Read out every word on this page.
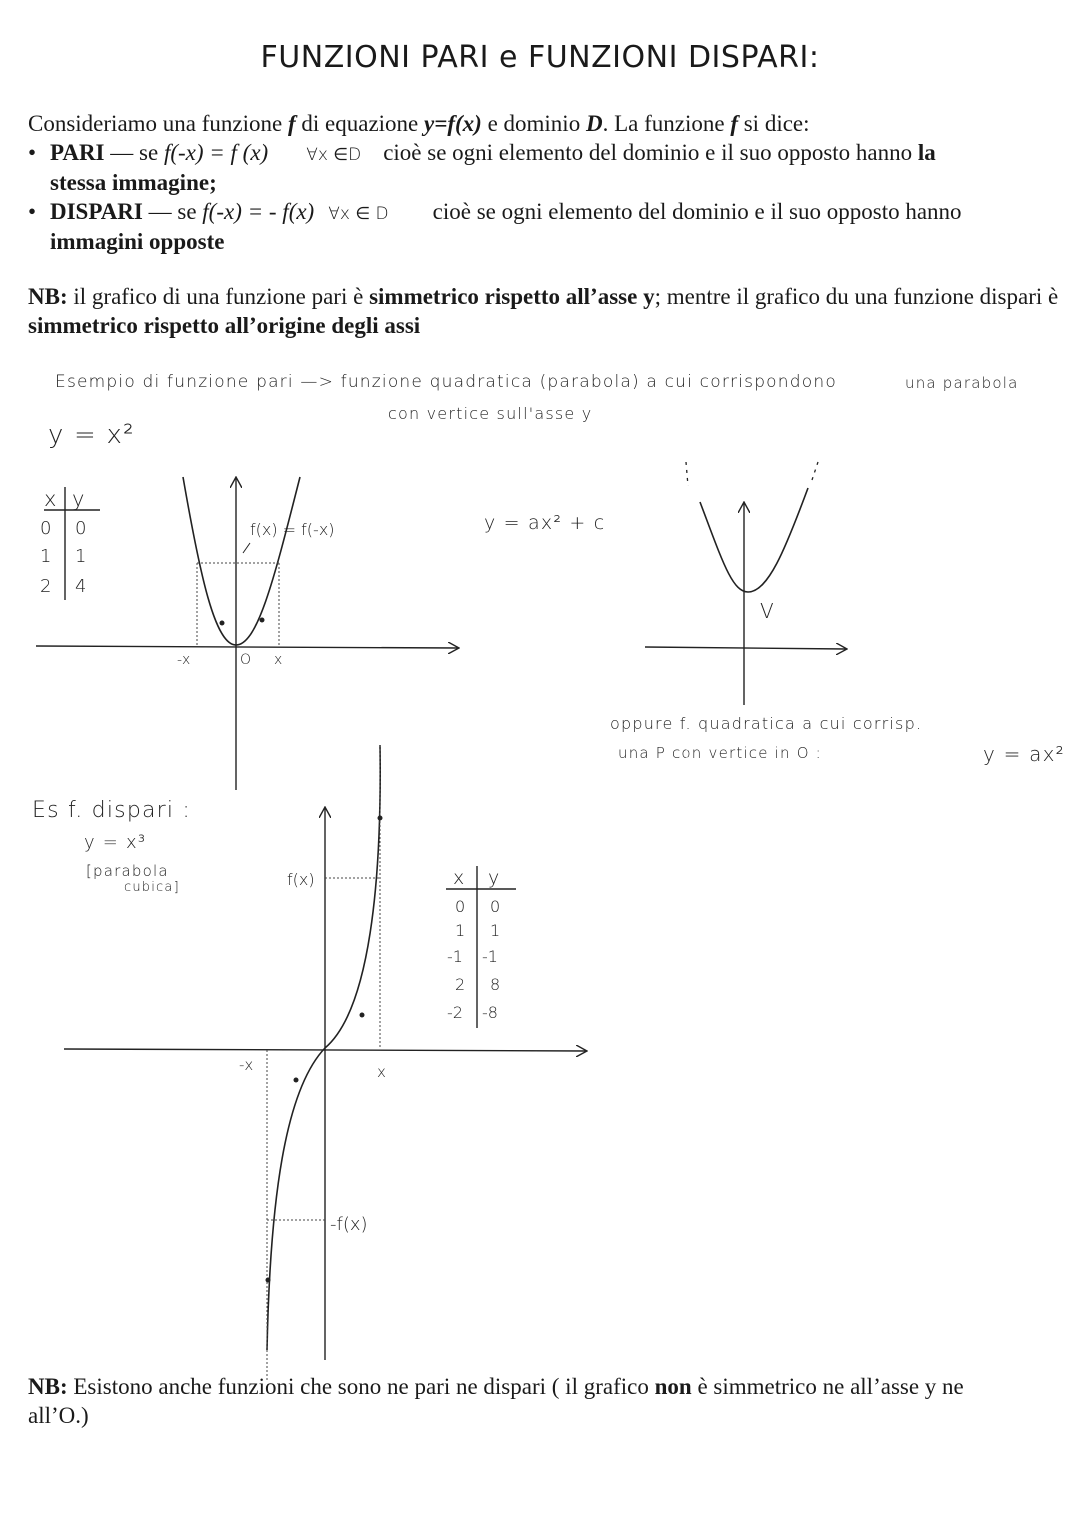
FUNZIONI PARI e FUNZIONI DISPARI:

Consideriamo una funzione f di equazione y=f(x) e dominio D. La funzione f si dice:

• PARI — se f(-x) = f (x) ∀x ∈D cioè se ogni elemento del dominio e il suo opposto hanno la
stessa immagine;
• DISPARI — se f(-x) = - f(x) ∀x ∈ D cioè se ogni elemento del dominio e il suo opposto hanno
immagini opposte
NB: il grafico di una funzione pari è simmetrico rispetto all’asse y; mentre il grafico du una funzione dispari è simmetrico rispetto all’origine degli assi
Esempio di funzione pari —> funzione quadratica (parabola) a cui corrispondono	una parabola
con vertice sull'asse y
y = x²
y = ax² + c
oppure f. quadratica a cui corrisp.
una P con vertice in O :	y = ax²
Es f. dispari :
y = x³
[parabola
cubica]
x y
0 0
1 1
2 4
f(x) = f(-x)
-x	O x
V
f(x)
-f(x)
-x	x
x y
0 0
1 1
-1 -1
2 8
-2 -8
NB: Esistono anche funzioni che sono ne pari ne dispari ( il grafico non è simmetrico ne all’asse y ne all’O.)
